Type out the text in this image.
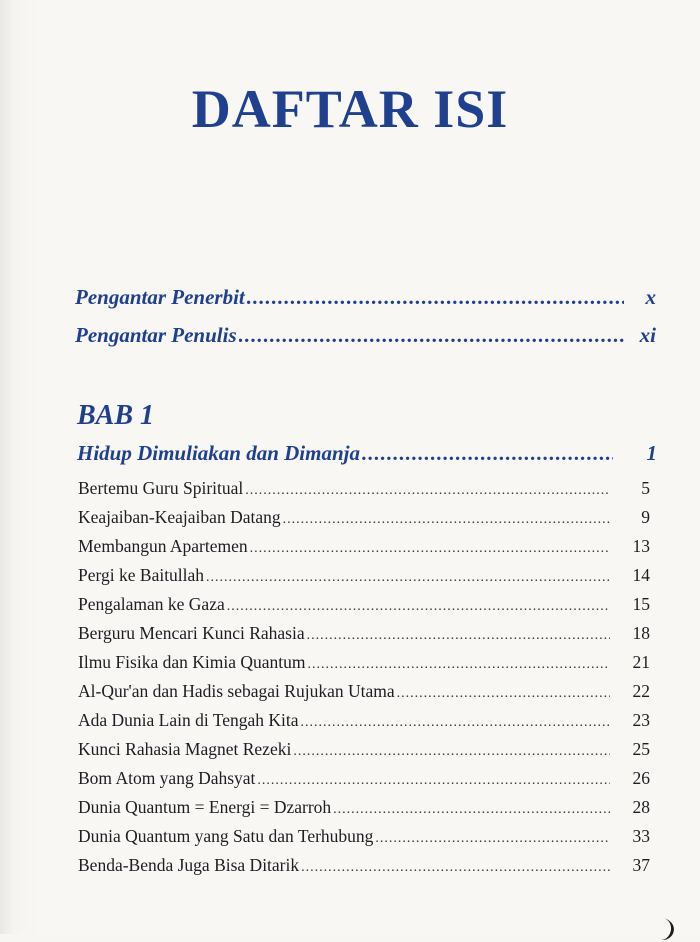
DAFTAR ISI
Pengantar Penerbit .....	x
Pengantar Penulis .....	xi
BAB 1
Hidup Dimuliakan dan Dimanja .....	1
Bertemu Guru Spiritual .....	5
Keajaiban-Keajaiban Datang .....	9
Membangun Apartemen .....	13
Pergi ke Baitullah .....	14
Pengalaman ke Gaza .....	15
Berguru Mencari Kunci Rahasia .....	18
Ilmu Fisika dan Kimia Quantum .....	21
Al-Qur'an dan Hadis sebagai Rujukan Utama .....	22
Ada Dunia Lain di Tengah Kita .....	23
Kunci Rahasia Magnet Rezeki .....	25
Bom Atom yang Dahsyat .....	26
Dunia Quantum = Energi = Dzarroh .....	28
Dunia Quantum yang Satu dan Terhubung .....	33
Benda-Benda Juga Bisa Ditarik .....	37
